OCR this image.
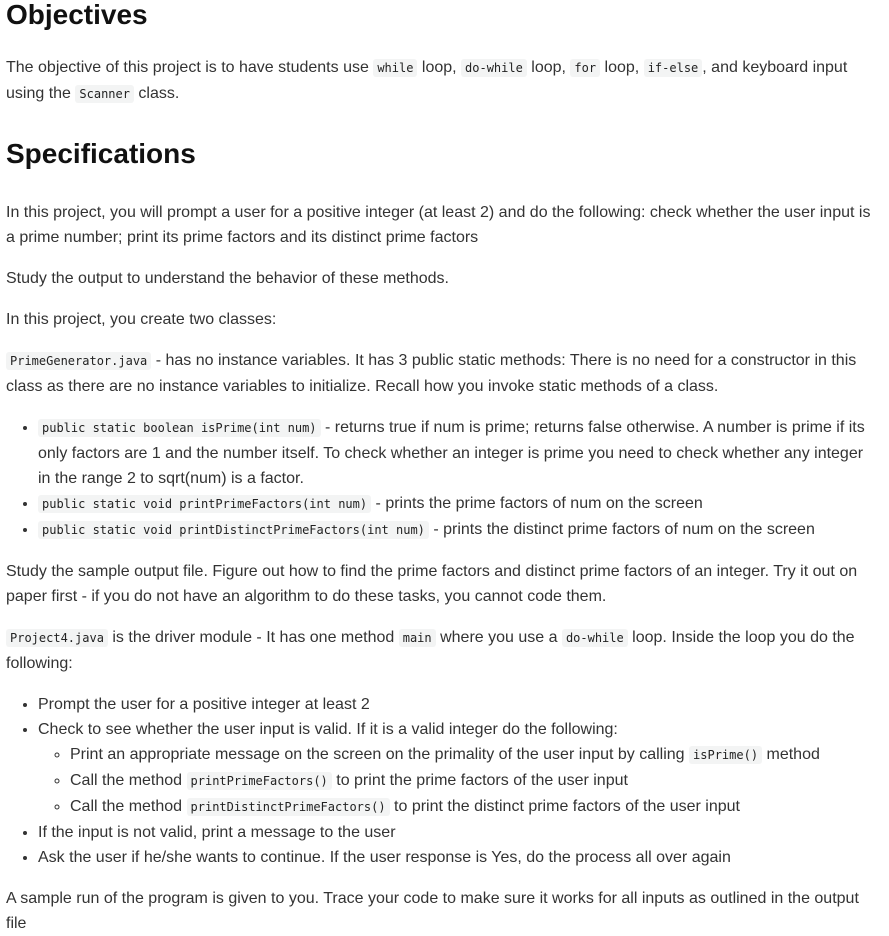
Objectives

The objective of this project is to have students use while loop, do-while loop, for loop, if-else , and keyboard input using the Scanner class.

Specifications

In this project, you will prompt a user for a positive integer (at least 2) and do the following: check whether the user input is a prime number; print its prime factors and its distinct prime factors

Study the output to understand the behavior of these methods.

In this project, you create two classes:

PrimeGenerator.java - has no instance variables. It has 3 public static methods: There is no need for a constructor in this class as there are no instance variables to initialize. Recall how you invoke static methods of a class.

• public static boolean isPrime(int num) - returns true if num is prime; returns false otherwise. A number is prime if its only factors are 1 and the number itself. To check whether an integer is prime you need to check whether any integer in the range 2 to sqrt(num) is a factor.
• public static void printPrimeFactors(int num) - prints the prime factors of num on the screen
• public static void printDistinctPrimeFactors(int num) - prints the distinct prime factors of num on the screen

Study the sample output file. Figure out how to find the prime factors and distinct prime factors of an integer. Try it out on paper first - if you do not have an algorithm to do these tasks, you cannot code them.

Project4.java is the driver module - It has one method main where you use a do-while loop. Inside the loop you do the following:

• Prompt the user for a positive integer at least 2
• Check to see whether the user input is valid. If it is a valid integer do the following:
◦ Print an appropriate message on the screen on the primality of the user input by calling isPrime() method
◦ Call the method printPrimeFactors() to print the prime factors of the user input
◦ Call the method printDistinctPrimeFactors() to print the distinct prime factors of the user input
• If the input is not valid, print a message to the user
• Ask the user if he/she wants to continue. If the user response is Yes, do the process all over again

A sample run of the program is given to you. Trace your code to make sure it works for all inputs as outlined in the output file
